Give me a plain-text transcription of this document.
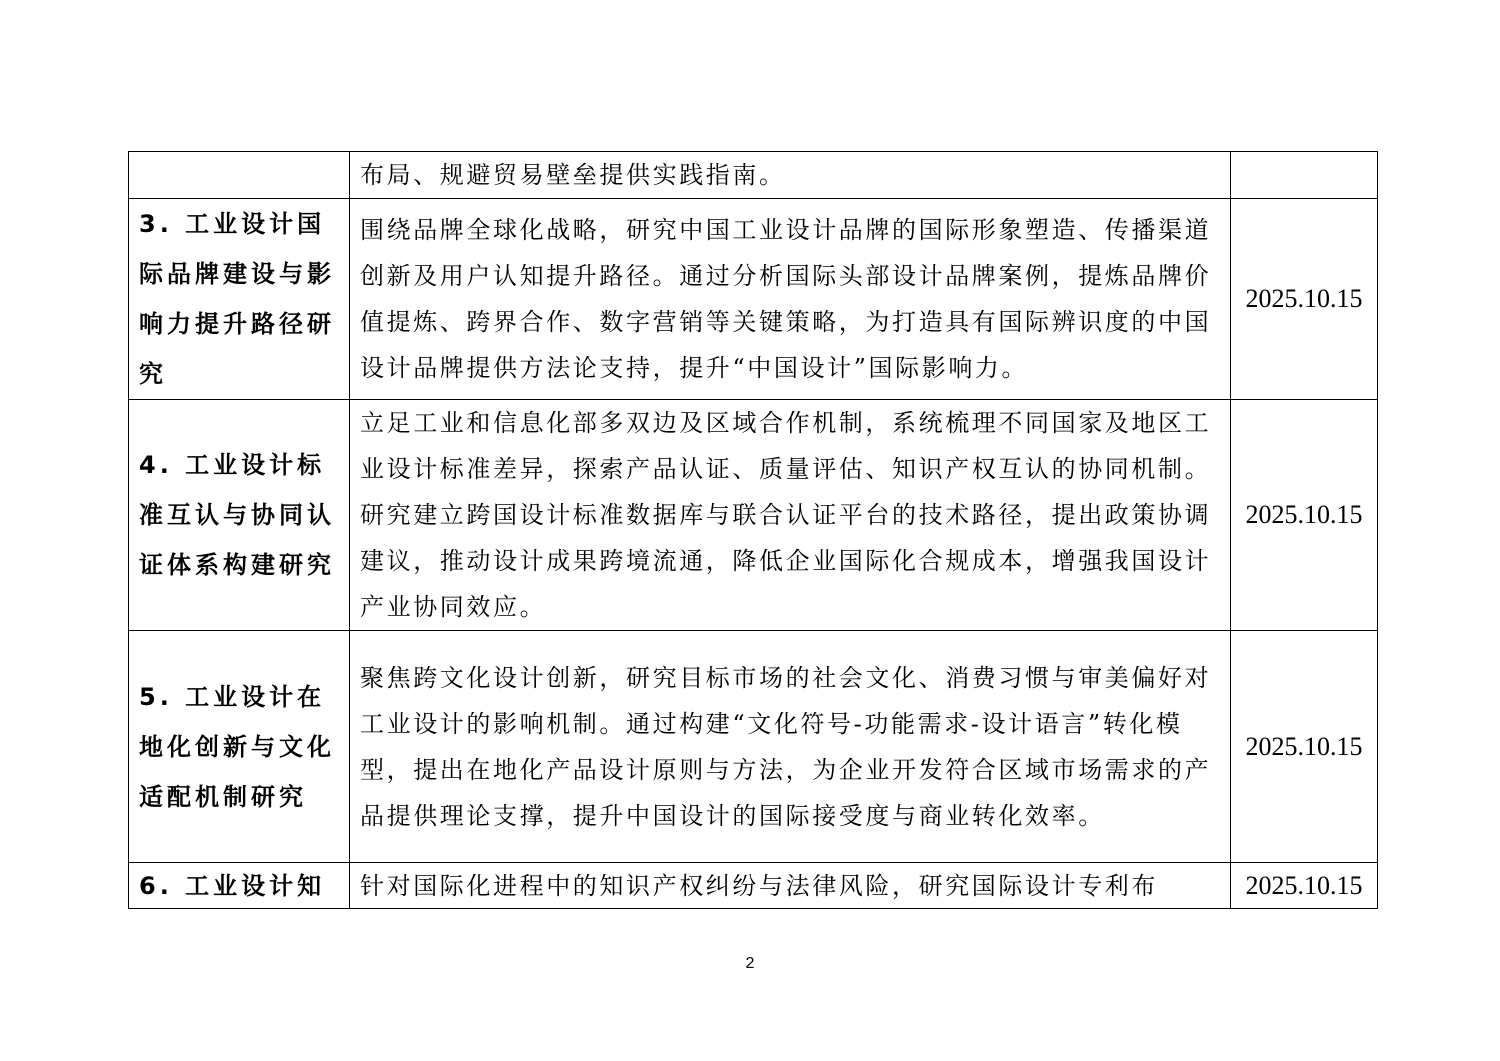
	布局、规避贸易壁垒提供实践指南。	

3. 工业设计国际品牌建设与影响力提升路径研究	围绕品牌全球化战略，研究中国工业设计品牌的国际形象塑造、传播渠道创新及用户认知提升路径。通过分析国际头部设计品牌案例，提炼品牌价值提炼、跨界合作、数字营销等关键策略，为打造具有国际辨识度的中国设计品牌提供方法论支持，提升“中国设计”国际影响力。	2025.10.15

4. 工业设计标准互认与协同认证体系构建研究	立足工业和信息化部多双边及区域合作机制，系统梳理不同国家及地区工业设计标准差异，探索产品认证、质量评估、知识产权互认的协同机制。研究建立跨国设计标准数据库与联合认证平台的技术路径，提出政策协调建议，推动设计成果跨境流通，降低企业国际化合规成本，增强我国设计产业协同效应。	2025.10.15

5. 工业设计在地化创新与文化适配机制研究	聚焦跨文化设计创新，研究目标市场的社会文化、消费习惯与审美偏好对工业设计的影响机制。通过构建“文化符号-功能需求-设计语言”转化模型，提出在地化产品设计原则与方法，为企业开发符合区域市场需求的产品提供理论支撑，提升中国设计的国际接受度与商业转化效率。	2025.10.15

6. 工业设计知	针对国际化进程中的知识产权纠纷与法律风险，研究国际设计专利布	2025.10.15
2
